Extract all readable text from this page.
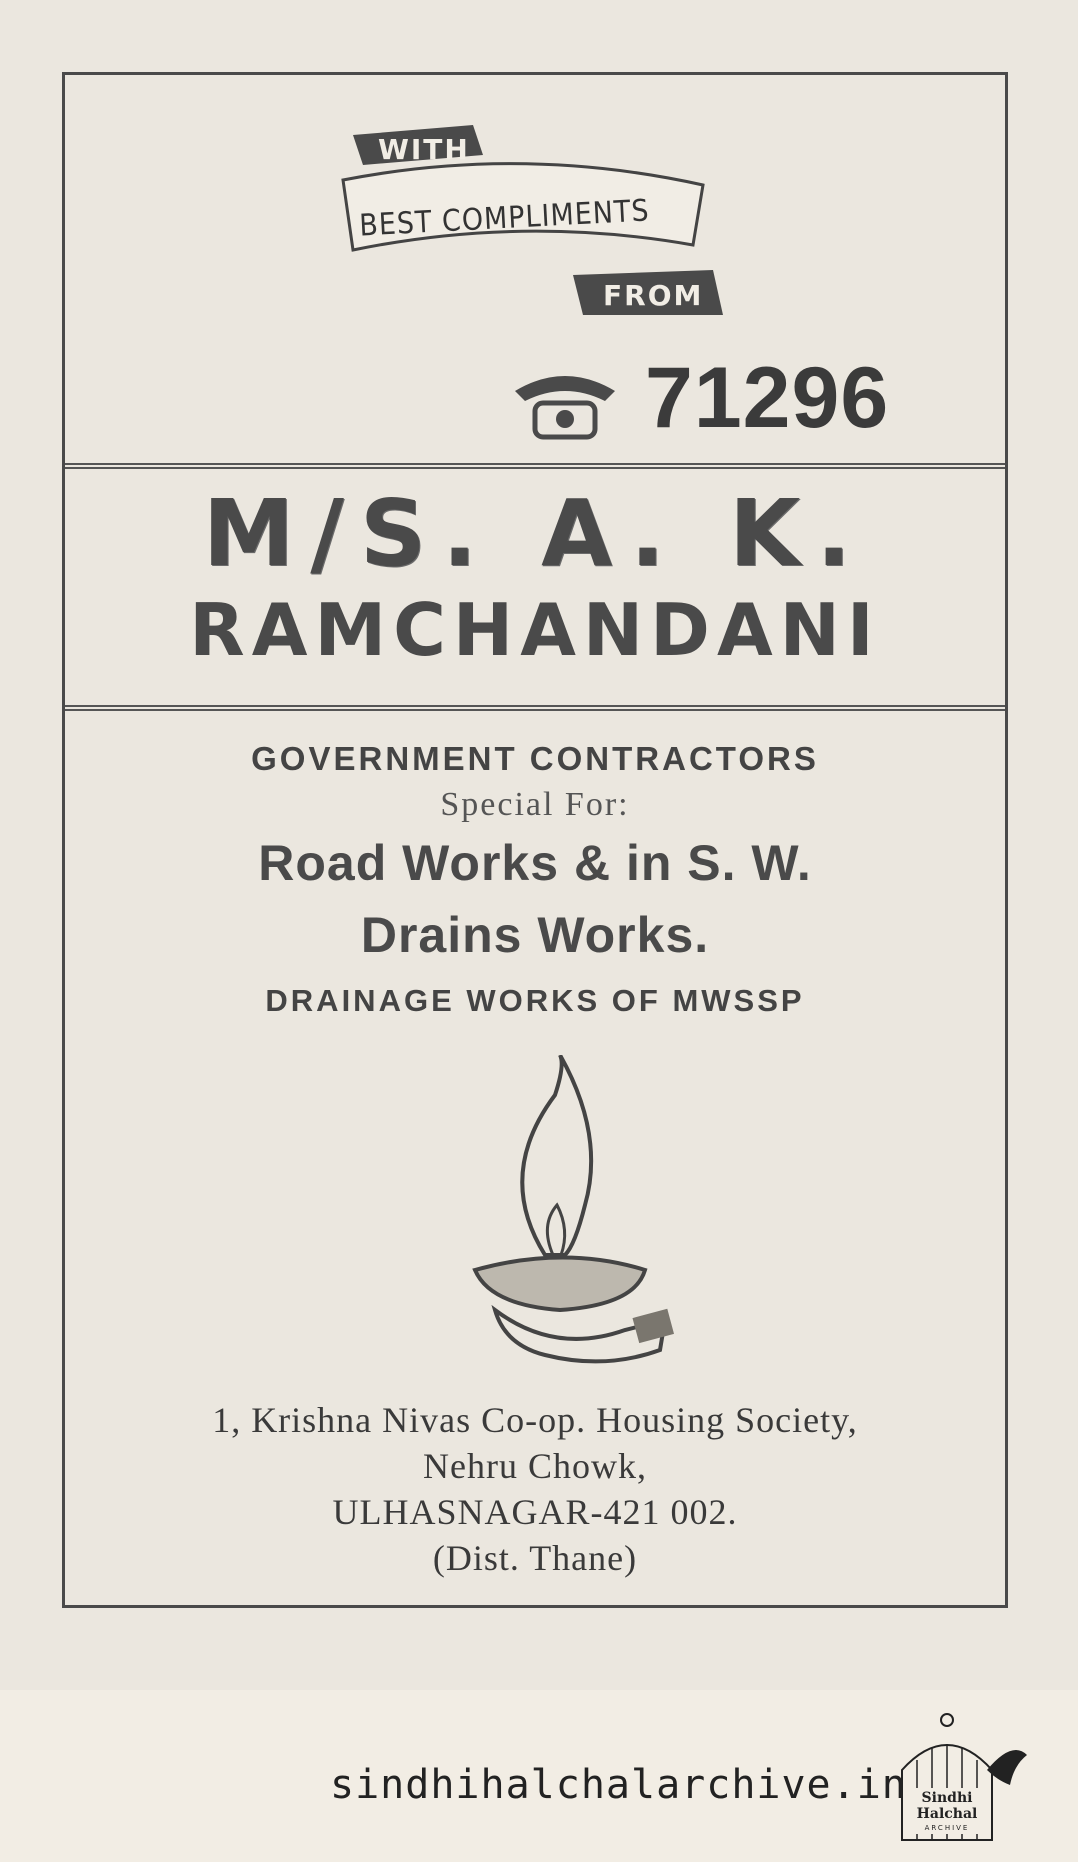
WITH
BEST COMPLIMENTS
FROM
71296
M/S. A. K.
RAMCHANDANI
GOVERNMENT CONTRACTORS
Special For:
Road Works & in S. W.
Drains Works.
DRAINAGE WORKS OF MWSSP
1, Krishna Nivas Co-op. Housing Society,
Nehru Chowk,
ULHASNAGAR-421 002.
(Dist. Thane)
sindhihalchalarchive.in Sindhi
Halchal
ARCHIVE
